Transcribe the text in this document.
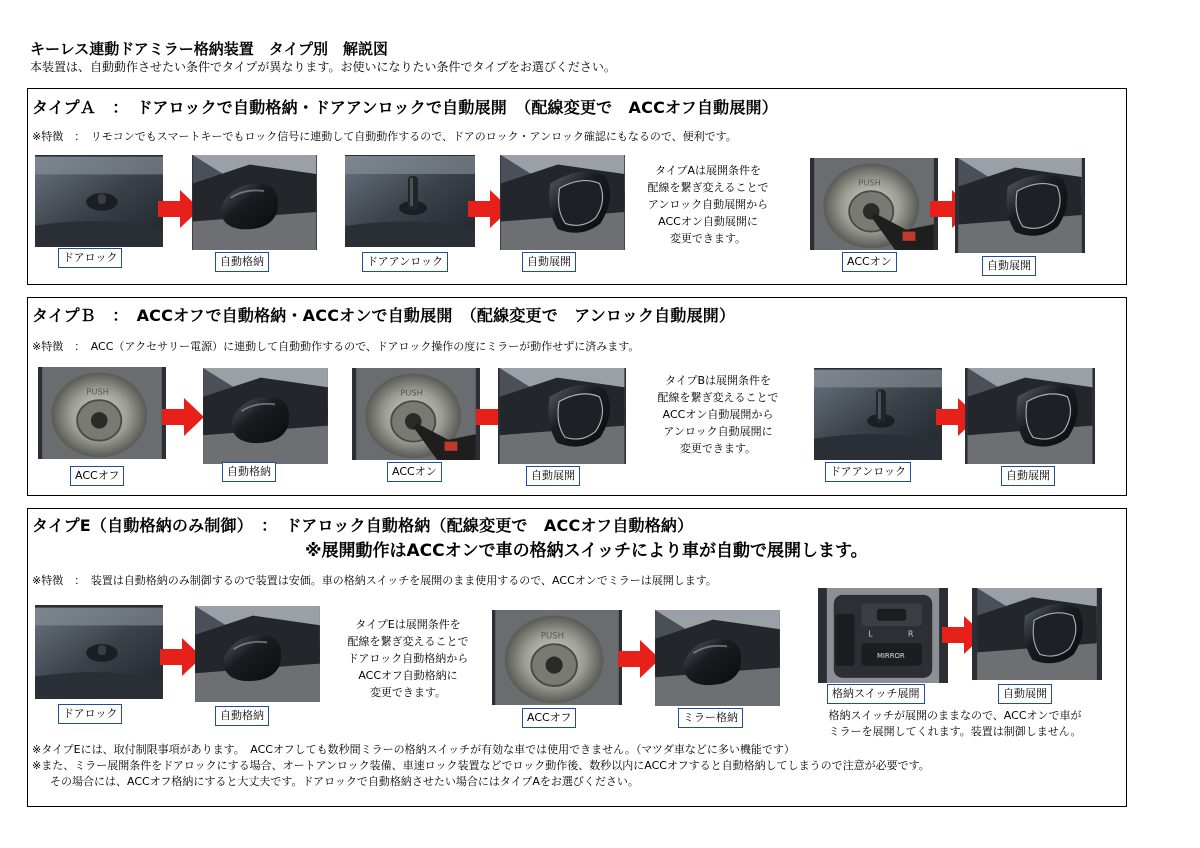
キーレス連動ドアミラー格納装置　タイプ別　解説図
本装置は、自動動作させたい条件でタイプが異なります。お使いになりたい条件でタイプをお選びください。
タイプＡ　：　ドアロックで自動格納・ドアアンロックで自動展開　（配線変更で　ACCオフ自動展開）
※特徴　：　リモコンでもスマートキーでもロック信号に連動して自動動作するので、ドアのロック・アンロック確認にもなるので、便利です。
ドアロック	自動格納	ドアアンロック	自動展開
タイプAは展開条件を
配線を繋ぎ変えることで
アンロック自動展開から
ACCオン自動展開に
変更できます。
ACCオン	自動展開
タイプＢ　：　ACCオフで自動格納・ACCオンで自動展開　（配線変更で　アンロック自動展開）
※特徴　：　ACC（アクセサリー電源）に連動して自動動作するので、ドアロック操作の度にミラーが動作せずに済みます。
ACCオフ	自動格納	ACCオン	自動展開
タイプBは展開条件を
配線を繋ぎ変えることで
ACCオン自動展開から
アンロック自動展開に
変更できます。
ドアアンロック	自動展開
タイプE（自動格納のみ制御）　：　ドアロック自動格納（配線変更で　ACCオフ自動格納）
※展開動作はACCオンで車の格納スイッチにより車が自動で展開します。
※特徴　：　装置は自動格納のみ制御するので装置は安価。車の格納スイッチを展開のまま使用するので、ACCオンでミラーは展開します。
ドアロック	自動格納
タイプEは展開条件を
配線を繋ぎ変えることで
ドアロック自動格納から
ACCオフ自動格納に
変更できます。
ACCオフ	ミラー格納
格納スイッチ展開	自動展開
格納スイッチが展開のままなので、ACCオンで車が
ミラーを展開してくれます。装置は制御しません。
※タイプEには、取付制限事項があります。　ACCオフしても数秒間ミラーの格納スイッチが有効な車では使用できません。（マツダ車などに多い機能です）
※また、ミラー展開条件をドアロックにする場合、オートアンロック装備、車速ロック装置などでロック動作後、数秒以内にACCオフすると自動格納してしまうので注意が必要です。
その場合には、ACCオフ格納にすると大丈夫です。ドアロックで自動格納させたい場合にはタイプAをお選びください。
